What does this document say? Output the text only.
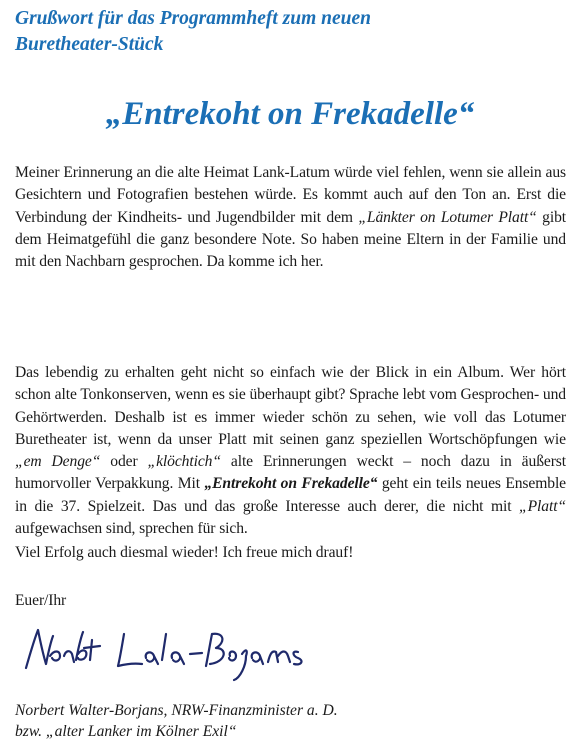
Grußwort für das Programmheft zum neuen
Buretheater-Stück
„Entrekoht on Frekadelle“

Meiner Erinnerung an die alte Heimat Lank-Latum würde viel fehlen, wenn sie allein aus Gesichtern und Fotografien bestehen würde. Es kommt auch auf den Ton an. Erst die Verbindung der Kindheits- und Jugendbilder mit dem „Länkter on Lotumer Platt“ gibt dem Heimatgefühl die ganz besondere Note. So haben meine Eltern in der Familie und mit den Nachbarn gesprochen. Da komme ich her.

Das lebendig zu erhalten geht nicht so einfach wie der Blick in ein Album. Wer hört schon alte Tonkonserven, wenn es sie überhaupt gibt? Sprache lebt vom Gesprochen- und Gehörtwerden. Deshalb ist es immer wieder schön zu sehen, wie voll das Lotumer Buretheater ist, wenn da unser Platt mit seinen ganz speziellen Wortschöpfungen wie „em Denge“ oder „klöchtich“ alte Erinnerungen weckt – noch dazu in äußerst humorvoller Verpakkung. Mit „Entrekoht on Frekadelle“ geht ein teils neues Ensemble in die 37. Spielzeit. Das und das große Interesse auch derer, die nicht mit „Platt“ aufgewachsen sind, sprechen für sich.

Viel Erfolg auch diesmal wieder! Ich freue mich drauf!

Euer/Ihr

Norbert Walter-Borjans, NRW-Finanzminister a. D.
bzw. „alter Lanker im Kölner Exil“
